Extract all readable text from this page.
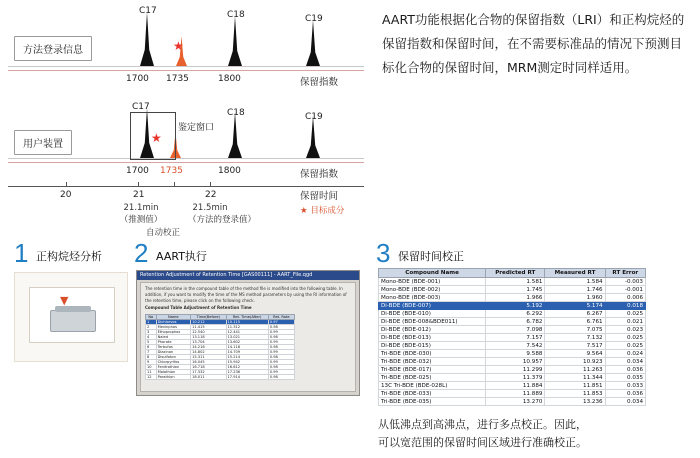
C17	C18	C19
★
方法登录信息
1700 1735	1800	保留指数
C17
C18	C19
鉴定窗口
★
用户装置
1700 1735	1800	保留指数
20	21	22	保留时间
21.1min
（推测值）
21.5min
（方法的登录值）
自动校正
★ 目标成分
AART功能根据化合物的保留指数（LRI）和正构烷烃的保留指数和保留时间，在不需要标准品的情况下预测目标化合物的保留时间，MRM测定时同样适用。
1 正构烷烃分析
▼
2 AART执行
Retention Adjustment of Retention Time [GAS00111] - AART_File.qgd
The retention time in the compound table of the method file is modified into the following table. In addition, if you want to modify the time of the MS method parameters by using the RI information of the retention time, please click on the following check.
Compound Table Adjustment of Retention Time
No	Name	Time(Before)	Ret. Time(After)	Ret. Rate
1	Dichlorvos	10.212	10.115	0.97
2	Mevinphos	11.415	11.312	0.98
3	Ethoprophos	12.540	12.441	0.99
4	Naled	13.118	13.021	0.98
5	Phorate	13.704	13.602	0.99
6	Terbufos	14.216	14.118	0.98
7	Diazinon	14.802	14.709	0.99
8	Disulfoton	15.311	15.214	0.98
9	Chlorpyrifos	16.045	15.942	0.99
10	Fenitrothion	16.718	16.612	0.98
11	Malathion	17.332	17.236	0.99
12	Parathion	18.011	17.914	0.98
3 保留时间校正
Compound Name	Predicted RT	Measured RT	RT Error
Mono-BDE (BDE-001)	1.581	1.584	-0.003
Mono-BDE (BDE-002)	1.745	1.746	-0.001
Mono-BDE (BDE-003)	1.966	1.960	0.006
Di-BDE (BDE-007)	5.192	5.174	0.018
Di-BDE (BDE-010)	6.292	6.267	0.025
Di-BDE (BDE-008&BDE011)	6.782	6.761	0.021
Di-BDE (BDE-012)	7.098	7.075	0.023
Di-BDE (BDE-013)	7.157	7.132	0.025
Di-BDE (BDE-015)	7.542	7.517	0.025
Tri-BDE (BDE-030)	9.588	9.564	0.024
Tri-BDE (BDE-032)	10.957	10.923	0.034
Tri-BDE (BDE-017)	11.299	11.263	0.036
Tri-BDE (BDE-025)	11.379	11.344	0.035
13C Tri-BDE (BDE-028L)	11.884	11.851	0.033
Tri-BDE (BDE-033)	11.889	11.853	0.036
Tri-BDE (BDE-035)	13.270	13.236	0.034
从低沸点到高沸点，进行多点校正。因此，
可以宽范围的保留时间区域进行准确校正。
